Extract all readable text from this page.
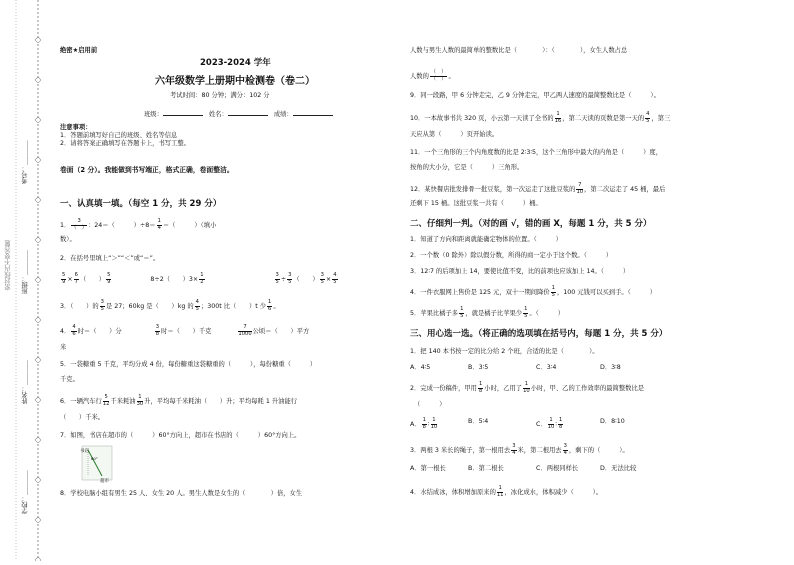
绝密★启用前
2023-2024 学年
六年级数学上册期中检测卷（卷二）
考试时间：80 分钟；满分：102 分
班级：	姓名：	成绩：
注意事项：
1．答题前填写好自己的班级、姓名等信息
2．请将答案正确填写在答题卡上，书写工整。
卷面（2 分）。我能做到书写端正，格式正确，卷面整洁。
一、认真填一填。（每空 1 分，共 29 分）
1． $\frac{3}{( )}$ ：24＝（　　　）$\div 8= \frac{1}{4}$ ＝（　　　）（填小
数）。
2．在括号里填上“＞”“＜”或“＝”。
$\frac{5}{9} \times \frac{6}{7}$ （　　） $\frac{5}{9}$	8÷2（　　）$3\times \frac{1}{2}$
	$\frac{3}{5} \div \frac{3}{5}$ （　　） $\frac{3}{5} \times \frac{4}{5}$
3．（　　）的 $\frac{3}{5}$ 是 27；60kg 是（　　）kg 的 $\frac{4}{5}$ ；300t 比（　　）t 少 $\frac{1}{6}$ 。
4． $\frac{4}{6}$ 时＝（　　）分	$\frac{3}{8}$ 时＝（　　）千克	$\frac{7}{1000}$ 公顷＝（　　）平方
米
5．一袋糖重 5 千克，平均分成 4 份，每份糖重这袋糖重的（　　　），每份糖重（　　　）
千克。
6．一辆汽车行 $\frac{5}{12}$ 千米耗油 $\frac{1}{30}$ 升，平均每千米耗油（　　）升；平均每耗 1 升油能行
（　　）千米。
7．如图，书店在超市的（　　　）60°方向上，超市在书店的（　　　）60°方向上。
书店
超市
60°
8．学校电脑小组有男生 25 人、女生 20 人。男生人数是女生的（　　　　）倍，女生
人数与男生人数的最简单的整数比是（　　　　）：（　　　　），女生人数占总
人数的 $\frac{( )}{( )}$ 。
9．同一段路，甲 6 分钟走完，乙 9 分钟走完，甲乙两人速度的最简整数比是（　　　）。
10．一本故事书共 320 页，小云第一天读了全书的 $\frac{1}{16}$ ，第二天读的页数是第一天的 $\frac{4}{5}$ ，第三
天应从第（　　　）页开始读。
11．一个三角形的三个内角度数的比是 2∶3∶5，这个三角形中最大的内角是（　　　）度，
按角的大小分，它是（　　　）三角形。
12．某快餐店批发排骨一批豆浆，第一次运走了这批豆浆的 $\frac{7}{10}$ ，第二次运走了 45 桶，最后
还剩下 15 桶。这批豆浆一共有（　　　）桶。
二、仔细判一判。（对的画 √，错的画 X，每题 1 分，共 5 分）
1．知道了方向和距离就能确定物体的位置。（　　　）
2．一个数（0 除外）除以假分数，所得的商一定小于这个数。（　　　）
3．12∶7 的后项加上 14，要使比值不变，比的前项也应该加上 14。（　　　）
4．一件衣服网上售价是 125 元，双十一期间降价 $\frac{1}{5}$ ，100 元钱可以买到手。（　　　）
5．苹果比橘子多 $\frac{1}{5}$ ，就是橘子比苹果少 $\frac{1}{5}$ 。（　　　）
三、用心选一选。（将正确的选项填在括号内，每题 1 分，共 5 分）
1．把 140 本书按一定的比分给 2 个班，合适的比是（　　　　）。
A．4∶5	B．3∶5	C．3∶4	D．3∶8
2．完成一份稿件，甲用 $\frac{1}{8}$ 小时，乙用了 $\frac{1}{10}$ 小时，甲、乙的工作效率的最简整数比是
（　　　）
A． $\frac{1}{8}$ ∶ $\frac{1}{10}$	B．5∶4	C． $\frac{1}{10}$ ∶ $\frac{1}{8}$	D．8∶10
3．两根 3 米长的绳子，第一根用去 $\frac{3}{4}$ 米，第二根用去 $\frac{3}{4}$ ，剩下的（　　　）。
A．第一根长	B．第二根长	C．两根同样长	D．无法比较
4．水结成冰，体积增加原来的 $\frac{1}{11}$ ，冰化成水，体积减少（　　　）。
学校：＿＿＿＿
姓名：＿＿＿＿
班级：＿＿＿＿
考号：＿＿＿＿
密封线内不要答题
